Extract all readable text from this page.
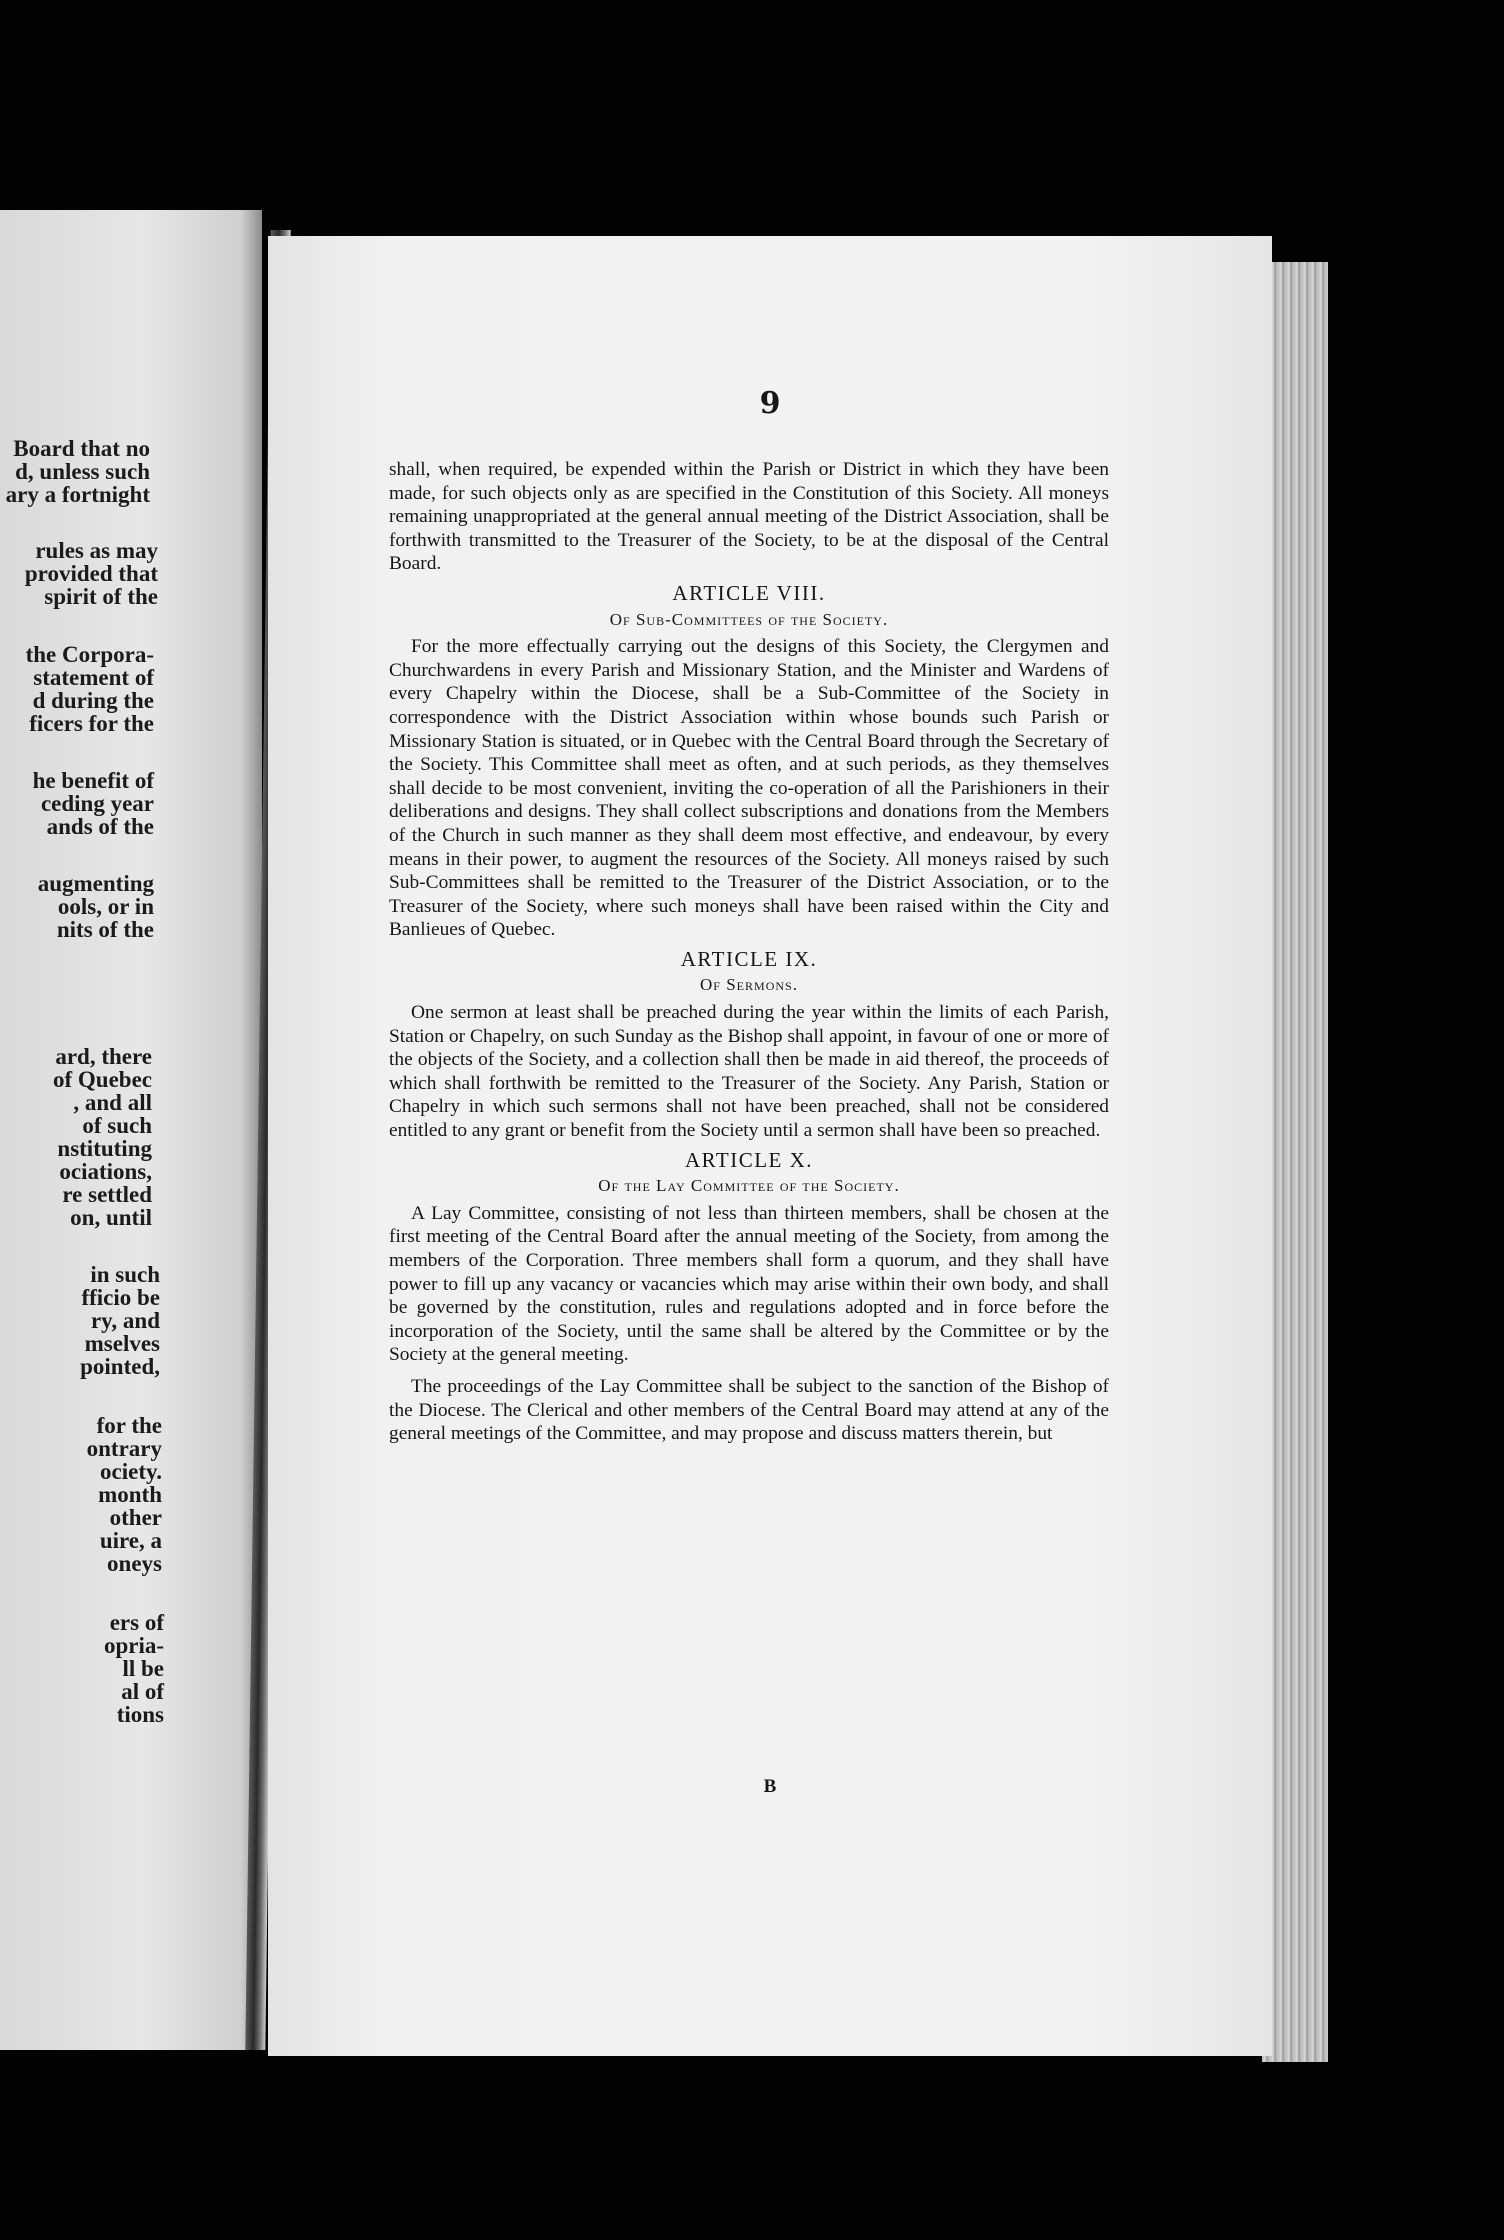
Board that no
d, unless such
ary a fortnight
rules as may
provided that
spirit of the
the Corpora-
statement of
d during the
ficers for the
he benefit of
ceding year
ands of the
augmenting
ools, or in
nits of the
ard, there
of Quebec
, and all
of such
nstituting
ociations,
re settled
on, until
in such
fficio be
ry, and
mselves
pointed,
for the
ontrary
ociety.
month
other
uire, a
oneys
ers of
opria-
ll be
al of
tions
9

shall, when required, be expended within the Parish or District in which they have been made, for such objects only as are specified in the Constitution of this Society. All moneys remaining unappropriated at the general annual meeting of the District Association, shall be forthwith transmitted to the Treasurer of the Society, to be at the disposal of the Central Board.

ARTICLE VIII.
Of Sub-Committees of the Society.

For the more effectually carrying out the designs of this Society, the Clergymen and Churchwardens in every Parish and Missionary Station, and the Minister and Wardens of every Chapelry within the Diocese, shall be a Sub-Committee of the Society in correspondence with the District Association within whose bounds such Parish or Missionary Station is situated, or in Quebec with the Central Board through the Secretary of the Society. This Committee shall meet as often, and at such periods, as they themselves shall decide to be most convenient, inviting the co-operation of all the Parishioners in their deliberations and designs. They shall collect subscriptions and donations from the Members of the Church in such manner as they shall deem most effective, and endeavour, by every means in their power, to augment the resources of the Society. All moneys raised by such Sub-Committees shall be remitted to the Treasurer of the District Association, or to the Treasurer of the Society, where such moneys shall have been raised within the City and Banlieues of Quebec.

ARTICLE IX.
Of Sermons.

One sermon at least shall be preached during the year within the limits of each Parish, Station or Chapelry, on such Sunday as the Bishop shall appoint, in favour of one or more of the objects of the Society, and a collection shall then be made in aid thereof, the proceeds of which shall forthwith be remitted to the Treasurer of the Society. Any Parish, Station or Chapelry in which such sermons shall not have been preached, shall not be considered entitled to any grant or benefit from the Society until a sermon shall have been so preached.

ARTICLE X.
Of the Lay Committee of the Society.

A Lay Committee, consisting of not less than thirteen members, shall be chosen at the first meeting of the Central Board after the annual meeting of the Society, from among the members of the Corporation. Three members shall form a quorum, and they shall have power to fill up any vacancy or vacancies which may arise within their own body, and shall be governed by the constitution, rules and regulations adopted and in force before the incorporation of the Society, until the same shall be altered by the Committee or by the Society at the general meeting.

The proceedings of the Lay Committee shall be subject to the sanction of the Bishop of the Diocese. The Clerical and other members of the Central Board may attend at any of the general meetings of the Committee, and may propose and discuss matters therein, but

B
